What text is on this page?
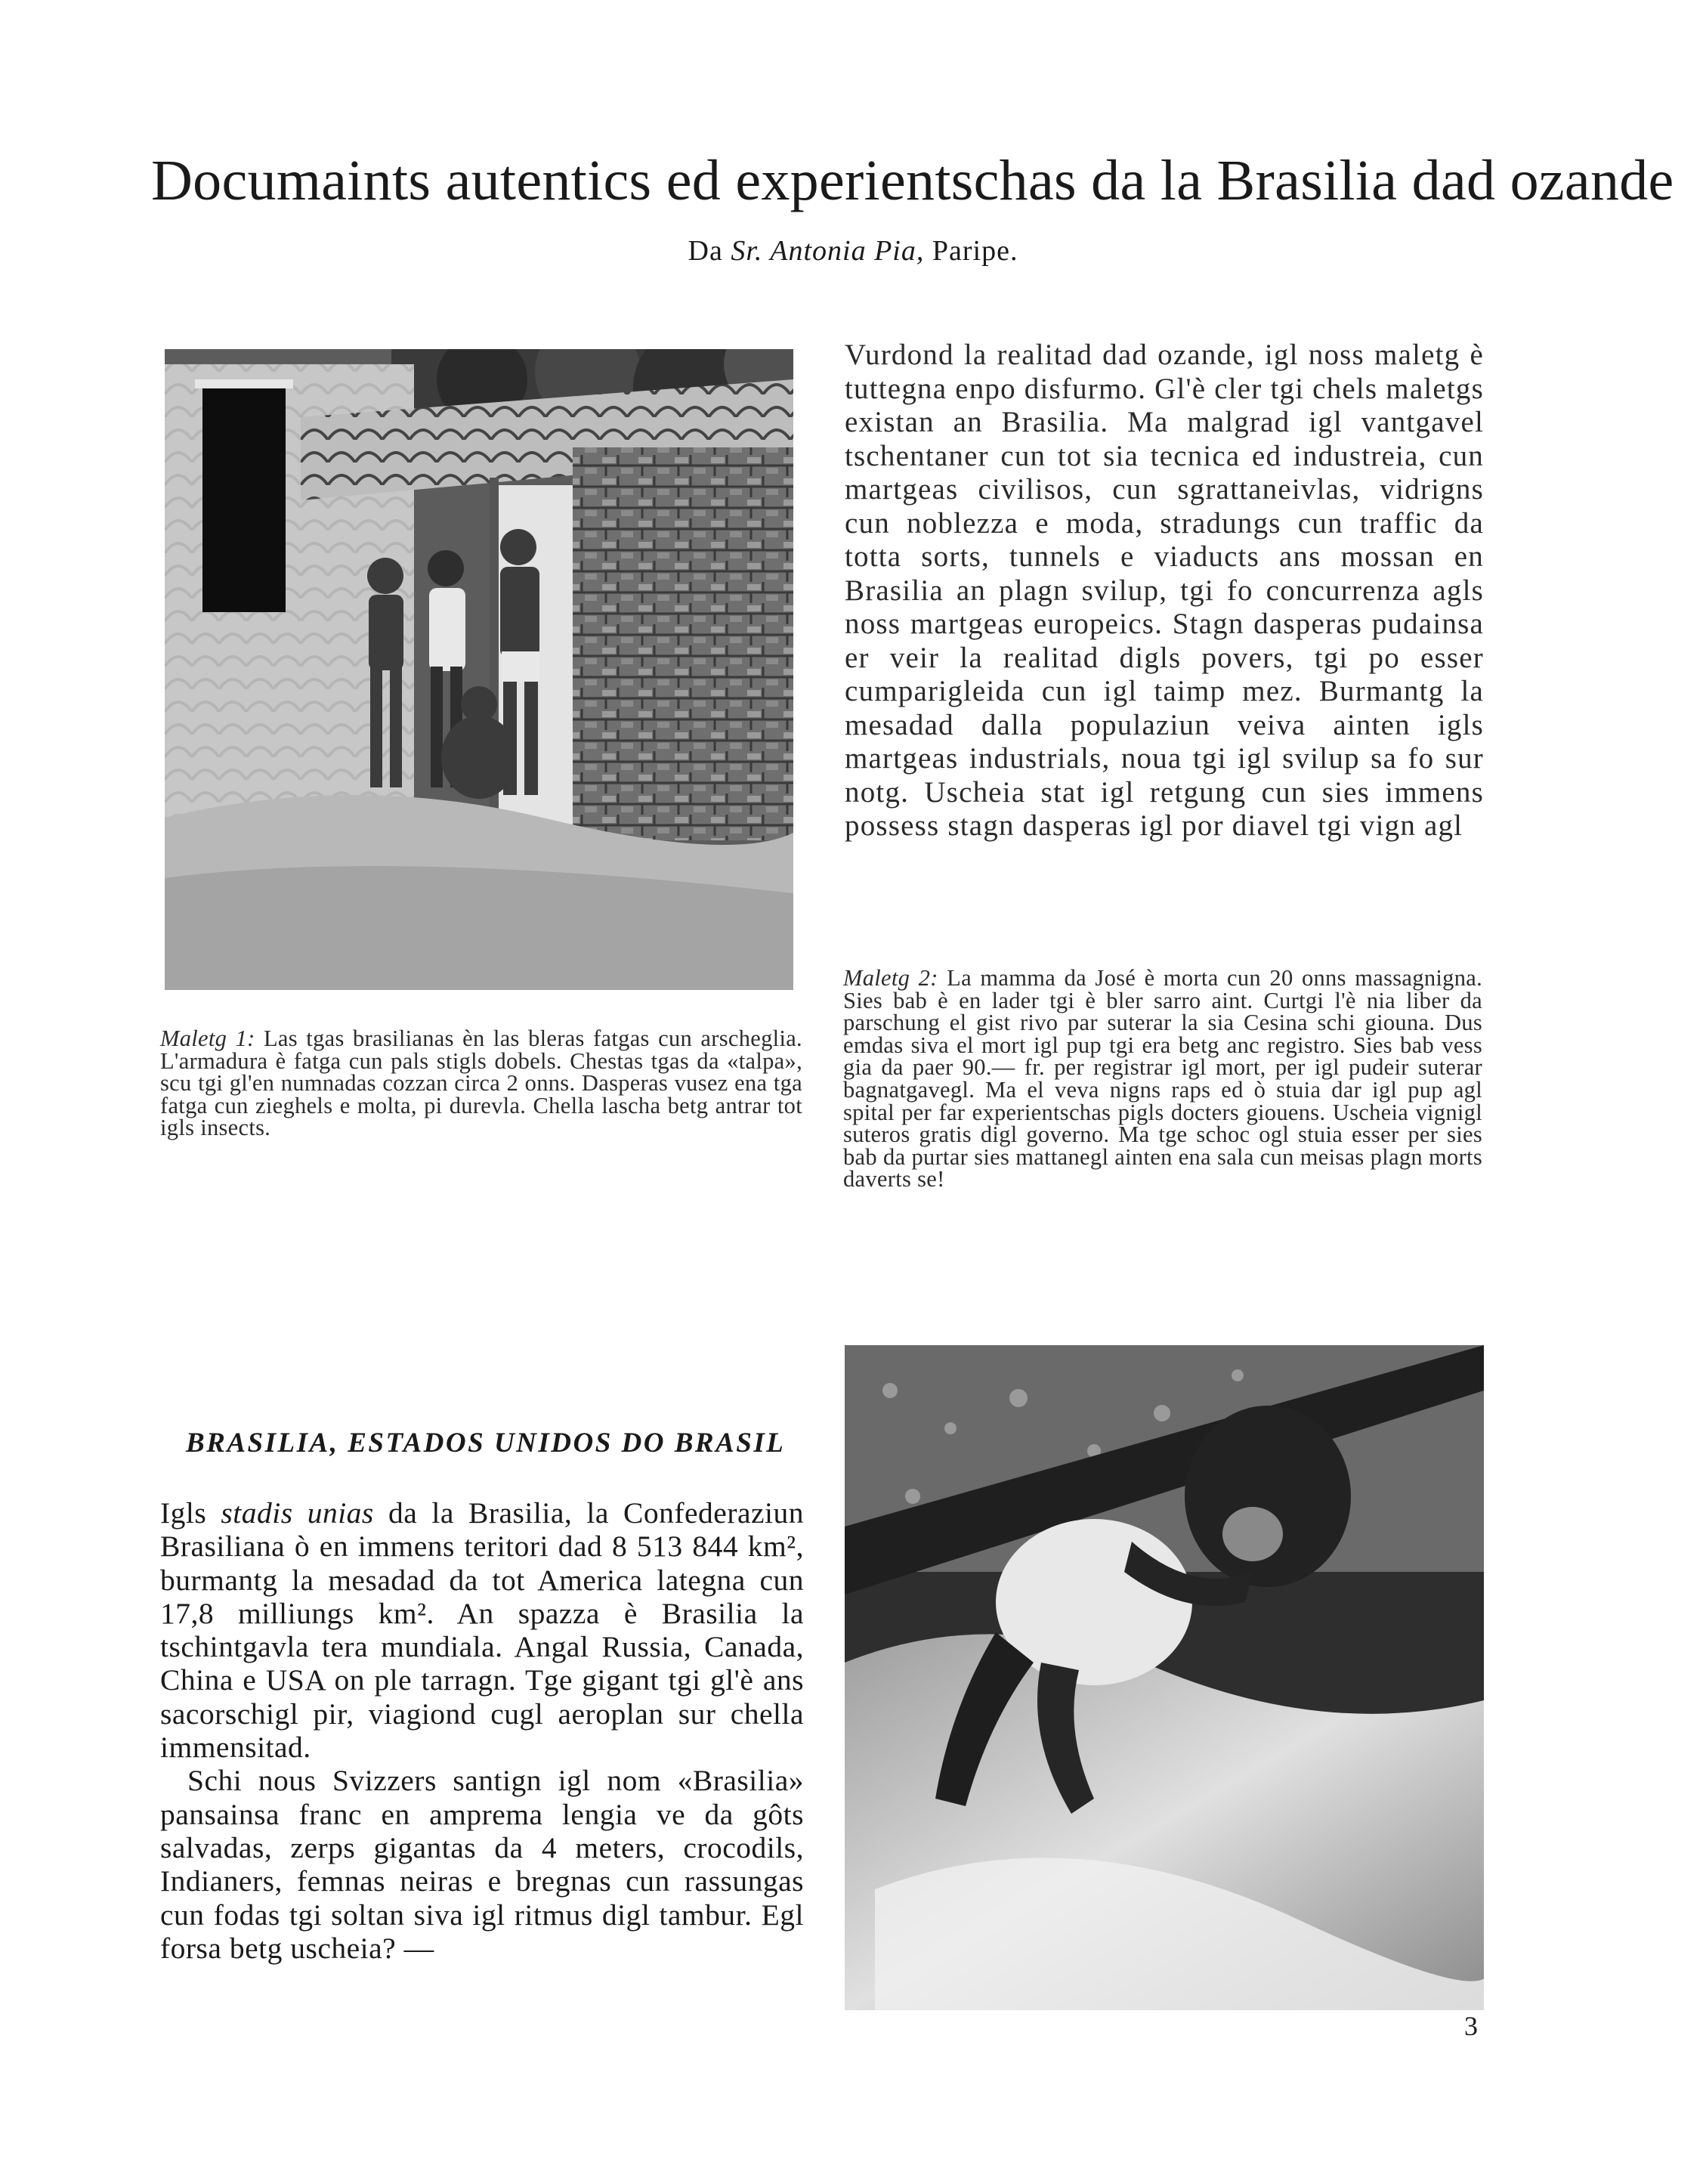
Documaints autentics ed experientschas da la Brasilia dad ozande
Da Sr. Antonia Pia, Paripe.

Vurdond la realitad dad ozande, igl noss maletg è tuttegna enpo disfurmo. Gl'è cler tgi chels maletgs existan an Brasilia. Ma malgrad igl vantgavel tschentaner cun tot sia tecnica ed industreia, cun martgeas civilisos, cun sgrattaneivlas, vidrigns cun noblezza e moda, stradungs cun traffic da totta sorts, tunnels e viaducts ans mossan en Brasilia an plagn svilup, tgi fo concurrenza agls noss martgeas europeics. Stagn dasperas pudainsa er veir la realitad digls povers, tgi po esser cumparigleida cun igl taimp mez. Burmantg la mesadad dalla populaziun veiva ainten igls martgeas industrials, noua tgi igl svilup sa fo sur notg. Uscheia stat igl retgung cun sies immens possess stagn dasperas igl por diavel tgi vign agl

Maletg 1: Las tgas brasilianas èn las bleras fatgas cun arscheglia. L'armadura è fatga cun pals stigls dobels. Chestas tgas da «talpa», scu tgi gl'en numnadas cozzan circa 2 onns. Dasperas vusez ena tga fatga cun zieghels e molta, pi durevla. Chella lascha betg antrar tot igls insects.

Maletg 2: La mamma da José è morta cun 20 onns massagnigna. Sies bab è en lader tgi è bler sarro aint. Curtgi l'è nia liber da parschung el gist rivo par suterar la sia Cesina schi giouna. Dus emdas siva el mort igl pup tgi era betg anc registro. Sies bab vess gia da paer 90.— fr. per registrar igl mort, per igl pudeir suterar bagnatgavegl. Ma el veva nigns raps ed ò stuia dar igl pup agl spital per far experientschas pigls docters giouens. Uscheia vignigl suteros gratis digl governo. Ma tge schoc ogl stuia esser per sies bab da purtar sies mattanegl ainten ena sala cun meisas plagn morts daverts se!

BRASILIA, ESTADOS UNIDOS DO BRASIL

Igls stadis unias da la Brasilia, la Confederaziun Brasiliana ò en immens teritori dad 8 513 844 km², burmantg la mesadad da tot America lategna cun 17,8 milliungs km². An spazza è Brasilia la tschintgavla tera mundiala. Angal Russia, Canada, China e USA on ple tarragn. Tge gigant tgi gl'è ans sacorschigl pir, viagiond cugl aeroplan sur chella immensitad.

Schi nous Svizzers santign igl nom «Brasilia» pansainsa franc en amprema lengia ve da gôts salvadas, zerps gigantas da 4 meters, crocodils, Indianers, femnas neiras e bregnas cun rassungas cun fodas tgi soltan siva igl ritmus digl tambur. Egl forsa betg uscheia? —

3
